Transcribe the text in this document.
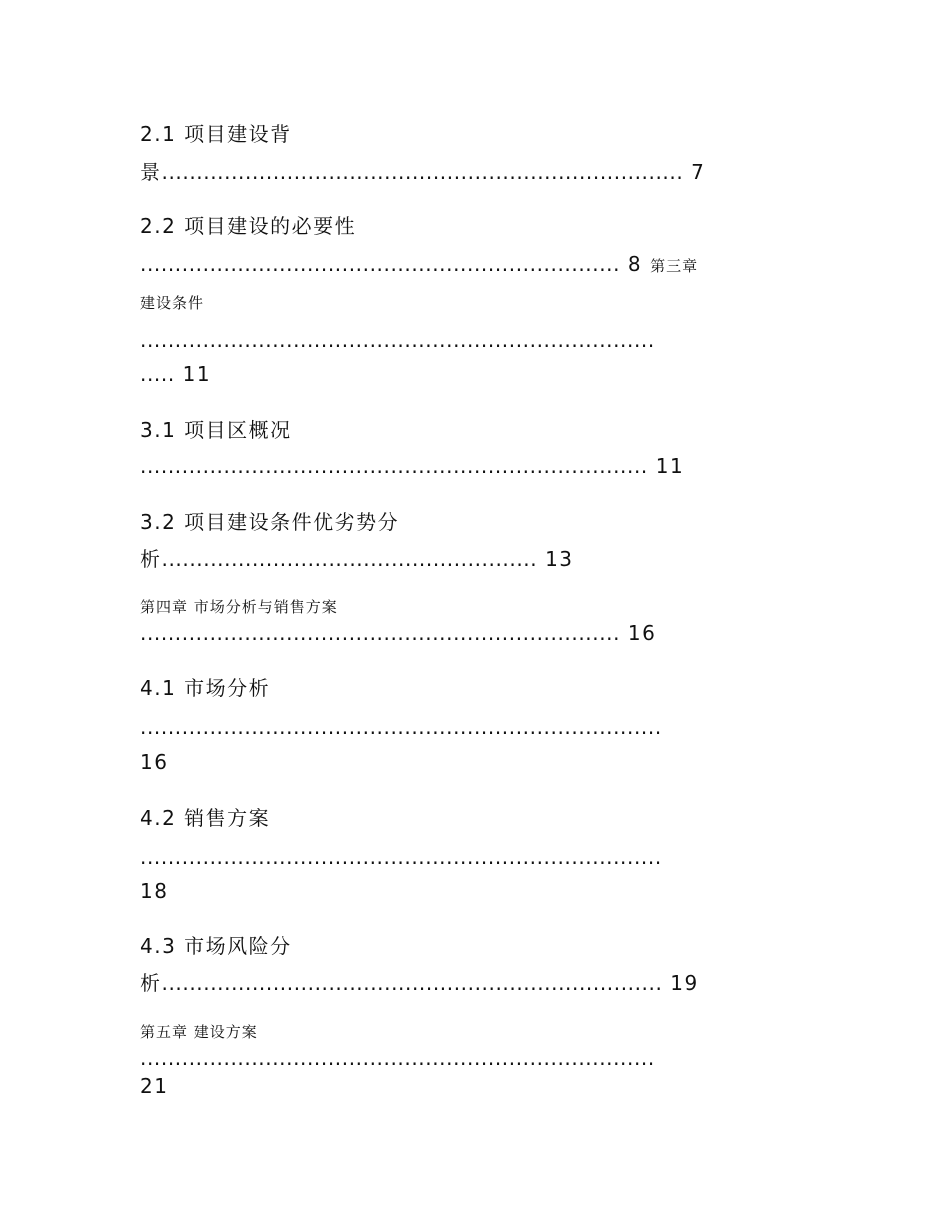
2.1 项目建设背

景........................................................................... 7

2.2 项目建设的必要性

..................................................................... 8 第三章

建设条件

..........................................................................

..... 11

3.1 项目区概况

......................................................................... 11

3.2 项目建设条件优劣势分

析...................................................... 13

第四章 市场分析与销售方案

..................................................................... 16

4.1 市场分析

...........................................................................

16

4.2 销售方案

...........................................................................

18

4.3 市场风险分

析........................................................................ 19

第五章 建设方案

..........................................................................

21
